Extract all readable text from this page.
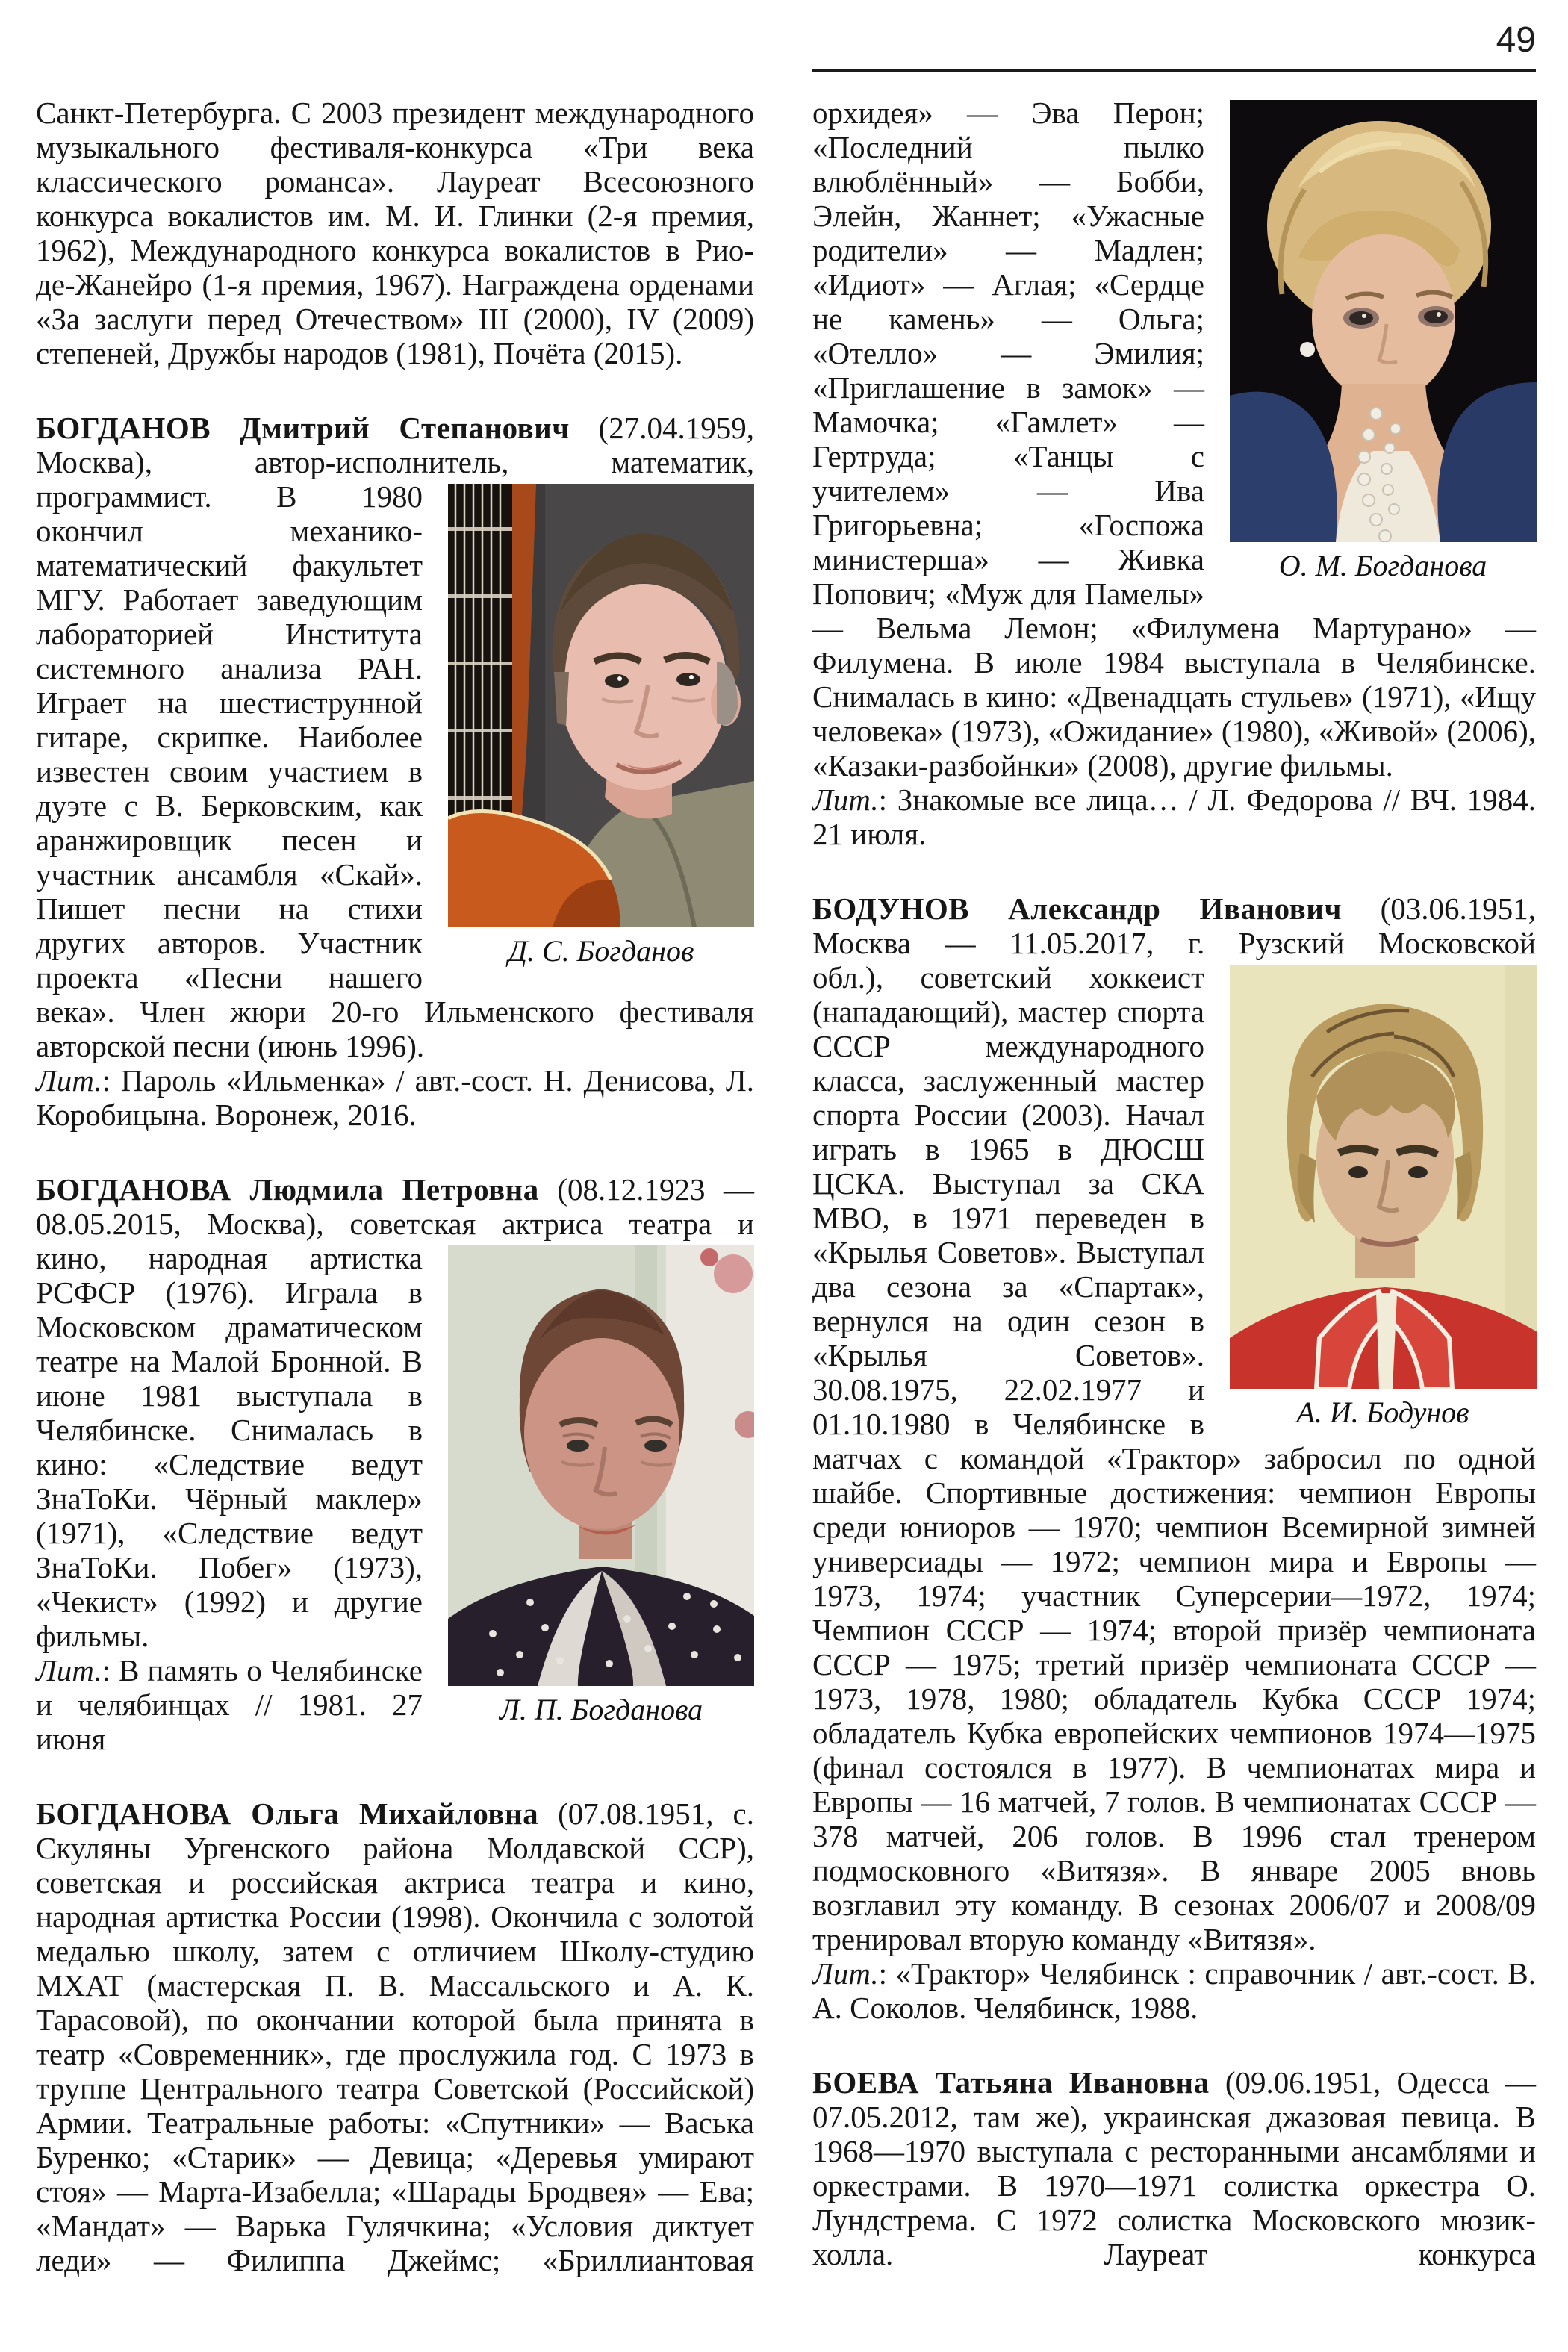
49

Санкт-Петербурга. С 2003 президент международного музыкального фестиваля-конкурса «Три века классического романса». Лауреат Всесоюзного конкурса вокалистов им. М. И. Глинки (2-я премия, 1962), Международного конкурса вокалистов в Рио-де-Жанейро (1-я премия, 1967). Награждена орденами «За заслуги перед Отечеством» III (2000), IV (2009) степеней, Дружбы народов (1981), Почёта (2015).

БОГДАНОВ Дмитрий Степанович (27.04.1959, Москва), автор-исполнитель, математик,

Д. С. Богданов
программист. В 1980 окончил механико-математический факультет МГУ. Работает заведующим лабораторией Института системного анализа РАН. Играет на шестиструнной гитаре, скрипке. Наиболее известен своим участием в дуэте с В. Берковским, как аранжировщик песен и участник ансамбля «Скай». Пишет песни на стихи других авторов. Участник проекта «Песни нашего века». Член жюри 20-го Ильменского фестиваля авторской песни (июнь 1996).

Лит.: Пароль «Ильменка» / авт.-сост. Н. Денисова, Л. Коробицына. Воронеж, 2016.

БОГДАНОВА Людмила Петровна (08.12.1923 — 08.05.2015, Москва), советская актриса театра и

Л. П. Богданова
кино, народная артистка РСФСР (1976). Играла в Московском драматическом театре на Малой Бронной. В июне 1981 выступала в Челябинске. Снималась в кино: «Следствие ведут ЗнаТоКи. Чёрный маклер» (1971), «Следствие ведут ЗнаТоКи. Побег» (1973), «Чекист» (1992) и другие фильмы.

Лит.: В память о Челябинске и челябинцах // 1981. 27 июня

БОГДАНОВА Ольга Михайловна (07.08.1951, с. Скуляны Ургенского района Молдавской ССР), советская и российская актриса театра и кино, народная артистка России (1998). Окончила с золотой медалью школу, затем с отличием Школу-студию МХАТ (мастерская П. В. Массальского и А. К. Тарасовой), по окончании которой была принята в театр «Современник», где прослужила год. С 1973 в труппе Центрального театра Советской (Российской) Армии. Театральные работы: «Спутники» — Васька Буренко; «Старик» — Девица; «Деревья умирают стоя» — Марта-Изабелла; «Шарады Бродвея» — Ева; «Мандат» — Варька Гулячкина; «Условия диктует леди» — Филиппа Джеймс; «Бриллиантовая

О. М. Богданова
орхидея» — Эва Перон; «Последний пылко влюблённый» — Бобби, Элейн, Жаннет; «Ужасные родители» — Мадлен; «Идиот» — Аглая; «Сердце не камень» — Ольга; «Отелло» — Эмилия; «Приглашение в замок» — Мамочка; «Гамлет» — Гертруда; «Танцы с учителем» — Ива Григорьевна; «Госпожа министерша» — Живка Попович; «Муж для Памелы» — Вельма Лемон; «Филумена Мартурано» — Филумена. В июле 1984 выступала в Челябинске. Снималась в кино: «Двенадцать стульев» (1971), «Ищу человека» (1973), «Ожидание» (1980), «Живой» (2006), «Казаки-разбойнки» (2008), другие фильмы.

Лит.: Знакомые все лица… / Л. Федорова // ВЧ. 1984. 21 июля.

БОДУНОВ Александр Иванович (03.06.1951, Москва — 11.05.2017, г. Рузский Московской

А. И. Бодунов
обл.), советский хоккеист (нападающий), мастер спорта СССР международного класса, заслуженный мастер спорта России (2003). Начал играть в 1965 в ДЮСШ ЦСКА. Выступал за СКА МВО, в 1971 переведен в «Крылья Советов». Выступал два сезона за «Спартак», вернулся на один сезон в «Крылья Советов». 30.08.1975, 22.02.1977 и 01.10.1980 в Челябинске в матчах с командой «Трактор» забросил по одной шайбе. Спортивные достижения: чемпион Европы среди юниоров — 1970; чемпион Всемирной зимней универсиады — 1972; чемпион мира и Европы — 1973, 1974; участник Суперсерии—1972, 1974; Чемпион СССР — 1974; второй призёр чемпионата СССР — 1975; третий призёр чемпионата СССР — 1973, 1978, 1980; обладатель Кубка СССР 1974; обладатель Кубка европейских чемпионов 1974—1975 (финал состоялся в 1977). В чемпионатах мира и Европы — 16 матчей, 7 голов. В чемпионатах СССР — 378 матчей, 206 голов. В 1996 стал тренером подмосковного «Витязя». В январе 2005 вновь возглавил эту команду. В сезонах 2006/07 и 2008/09 тренировал вторую команду «Витязя».

Лит.: «Трактор» Челябинск : справочник / авт.-сост. В. А. Соколов. Челябинск, 1988.

БОЕВА Татьяна Ивановна (09.06.1951, Одесса — 07.05.2012, там же), украинская джазовая певица. В 1968—1970 выступала с ресторанными ансамблями и оркестрами. В 1970—1971 солистка оркестра О. Лундстрема. С 1972 солистка Московского мюзик-холла. Лауреат конкурса
